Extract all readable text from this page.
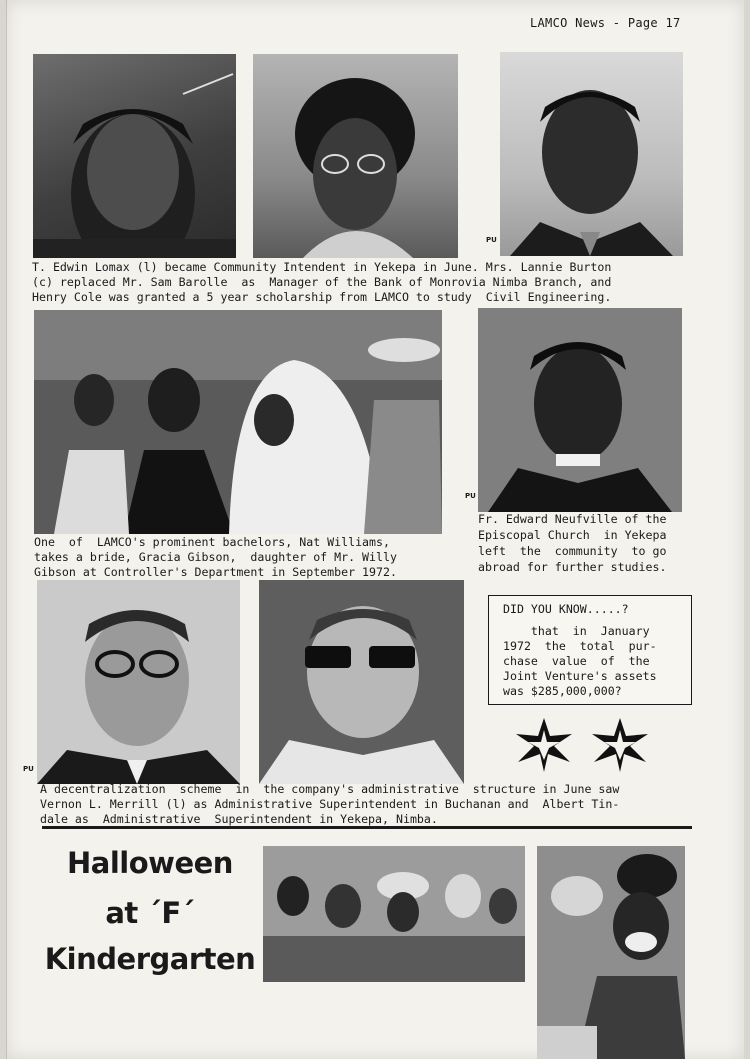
LAMCO News - Page 17
PU
T. Edwin Lomax (l) became Community Intendent in Yekepa in June. Mrs. Lannie Burton
(c) replaced Mr. Sam Barolle  as  Manager of the Bank of Monrovia Nimba Branch, and
Henry Cole was granted a 5 year scholarship from LAMCO to study  Civil Engineering.
PU
One  of  LAMCO's prominent bachelors, Nat Williams,
takes a bride, Gracia Gibson,  daughter of Mr. Willy
Gibson at Controller's Department in September 1972.
Fr. Edward Neufville of the
Episcopal Church  in Yekepa
left  the  community  to go
abroad for further studies.
PU
DID YOU KNOW.....?
that  in  January
1972  the  total  pur-
chase  value  of  the
Joint Venture's assets
was $285,000,000?
A decentralization  scheme  in  the company's administrative  structure in June saw
Vernon L. Merrill (l) as Administrative Superintendent in Buchanan and  Albert Tin-
dale as  Administrative  Superintendent in Yekepa, Nimba.
Halloween
at ´F´
Kindergarten
